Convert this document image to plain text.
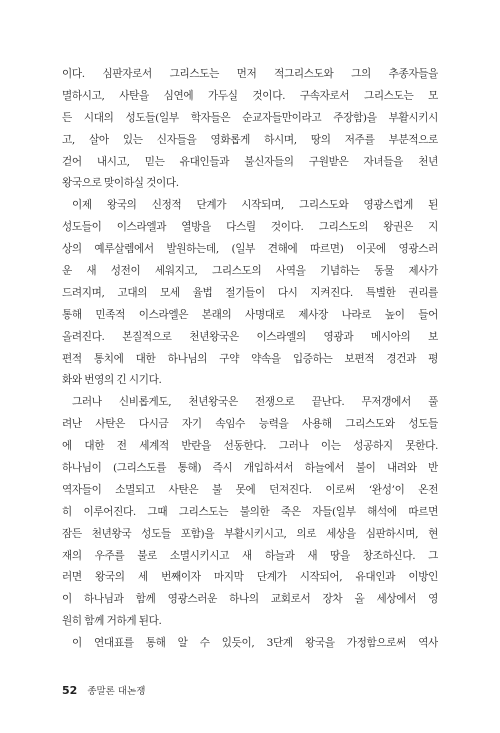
이다. 심판자로서 그리스도는 먼저 적그리스도와 그의 추종자들을
멸하시고, 사탄을 심연에 가두실 것이다. 구속자로서 그리스도는 모
든 시대의 성도들(일부 학자들은 순교자들만이라고 주장함)을 부활시키시
고, 살아 있는 신자들을 영화롭게 하시며, 땅의 저주를 부분적으로
걷어 내시고, 믿는 유대인들과 불신자들의 구원받은 자녀들을 천년
왕국으로 맞이하실 것이다.

이제 왕국의 신정적 단계가 시작되며, 그리스도와 영광스럽게 된
성도들이 이스라엘과 열방을 다스릴 것이다. 그리스도의 왕권은 지
상의 예루살렘에서 발원하는데, (일부 견해에 따르면) 이곳에 영광스러
운 새 성전이 세워지고, 그리스도의 사역을 기념하는 동물 제사가
드려지며, 고대의 모세 율법 절기들이 다시 지켜진다. 특별한 권리를
통해 민족적 이스라엘은 본래의 사명대로 제사장 나라로 높이 들어
올려진다. 본질적으로 천년왕국은 이스라엘의 영광과 메시아의 보
편적 통치에 대한 하나님의 구약 약속을 입증하는 보편적 경건과 평
화와 번영의 긴 시기다.

그러나 신비롭게도, 천년왕국은 전쟁으로 끝난다. 무저갱에서 풀
려난 사탄은 다시금 자기 속임수 능력을 사용해 그리스도와 성도들
에 대한 전 세계적 반란을 선동한다. 그러나 이는 성공하지 못한다.
하나님이 (그리스도를 통해) 즉시 개입하셔서 하늘에서 불이 내려와 반
역자들이 소멸되고 사탄은 불 못에 던져진다. 이로써 ‘완성’이 온전
히 이루어진다. 그때 그리스도는 불의한 죽은 자들(일부 해석에 따르면
잠든 천년왕국 성도들 포함)을 부활시키시고, 의로 세상을 심판하시며, 현
재의 우주를 불로 소멸시키시고 새 하늘과 새 땅을 창조하신다. 그
러면 왕국의 세 번째이자 마지막 단계가 시작되어, 유대인과 이방인
이 하나님과 함께 영광스러운 하나의 교회로서 장차 올 세상에서 영
원히 함께 거하게 된다.

이 연대표를 통해 알 수 있듯이, 3단계 왕국을 가정함으로써 역사

52 종말론 대논쟁
